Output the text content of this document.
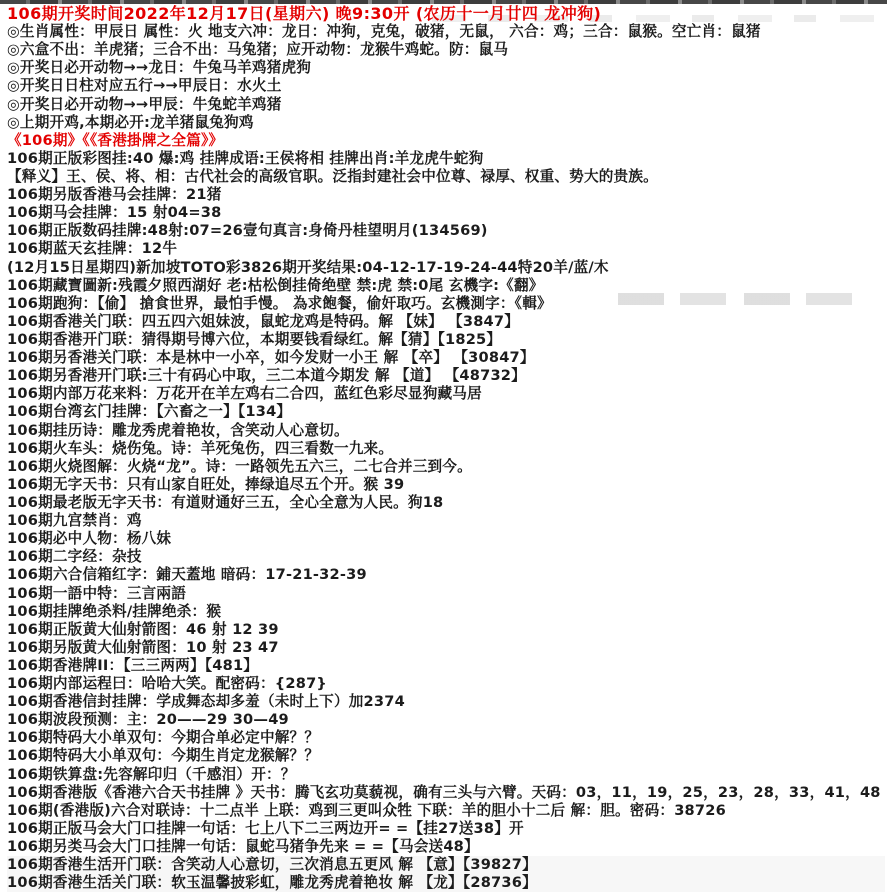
106期开奖时间2022年12月17日(星期六) 晚9:30开 (农历十一月廿四 龙冲狗)
◎生肖属性：甲辰日 属性：火 地支六冲：龙日：冲狗，克兔，破猪，无鼠， 六合：鸡；三合：鼠猴。空亡肖：鼠猪
◎六盒不出：羊虎猪；三合不出：马兔猪；应开动物：龙猴牛鸡蛇。防：鼠马
◎开奖日必开动物→→龙日：牛兔马羊鸡猪虎狗
◎开奖日日柱对应五行→→甲辰日：水火土
◎开奖日必开动物→→甲辰：牛兔蛇羊鸡猪
◎上期开鸡,本期必开:龙羊猪鼠兔狗鸡
《106期》《《香港掛牌之全篇》》
106期正版彩图挂:40 爆:鸡 挂牌成语:王侯将相 挂牌出肖:羊龙虎牛蛇狗
【释义】王、侯、将、相：古代社会的高级官职。泛指封建社会中位尊、禄厚、权重、势大的贵族。
106期另版香港马会挂牌：21猪
106期马会挂牌：15 射04=38
106期正版数码挂牌:48射:07=26壹句真言:身倚丹桂望明月(134569)
106期蓝天玄挂牌：12牛
(12月15日星期四)新加坡TOTO彩3826期开奖结果:04-12-17-19-24-44特20羊/蓝/木
106期藏寶圖新:残霞夕照西湖好 老:枯松倒挂倚绝壁 禁:虎 禁:0尾 玄機字:《翻》
106期跑狗：【偷】 搶食世界，最怕手慢。 為求飽餐，偷奸取巧。玄機測字：《輯》
106期香港关门联：四五四六姐妹波，鼠蛇龙鸡是特码。解 【妹】 【3847】
106期香港开门联：猜得期号博六位，本期要钱看绿红。解【猜】【1825】
106期另香港关门联：本是林中一小卒，如今发财一小王 解 【卒】 【30847】
106期另香港开门联:三十有码心中取，三二本道今期发 解 【道】 【48732】
106期内部万花来料：万花开在羊左鸡右二合四，蓝红色彩尽显狗藏马居
106期台湾玄门挂牌：【六畜之一】【134】
106期挂历诗：雕龙秀虎着艳妆，含笑动人心意切。
106期火车头：烧伤兔。诗：羊死兔伤，四三看数一九来。
106期火烧图解：火烧“龙”。诗：一路领先五六三，二七合并三到今。
106期无字天书：只有山家自旺处，捧绿追尽五个开。猴 39
106期最老版无字天书：有道财通好三五，全心全意为人民。狗18
106期九宫禁肖：鸡
106期必中人物：杨八妹
106期二字经：杂技
106期六合信箱红字：鋪天蓋地 暗码：17-21-32-39
106期一語中特：三言兩語
106期挂牌绝杀料/挂牌绝杀：猴
106期正版黄大仙射箭图：46 射 12 39
106期另版黄大仙射箭图：10 射 23 47
106期香港牌II：【三三两两】【481】
106期内部运程曰：哈哈大笑。配密码：{287}
106期香港信封挂牌：学成舞态却多羞（未时上下）加2374
106期波段预测：主：20——29 30—49
106期特码大小单双句：今期合单必定中解？？
106期特码大小单双句：今期生肖定龙猴解？？
106期铁算盘:先容解印归（千感泪）开：？
106期香港版《香港六合天书挂牌 》天书：腾飞玄功莫藐视，确有三头与六臂。天码：03，11，19，25，23，28，33，41，48
106期(香港版)六合对联诗：十二点半 上联：鸡到三更叫众牲 下联：羊的胆小十二后 解：胆。密码：38726
106期正版马会大门口挂牌一句话：七上八下二三两边开= =【挂27送38】开
106期另类马会大门口挂牌一句话：鼠蛇马猪争先来 = =【马会送48】
106期香港生活开门联：含笑动人心意切，三次消息五更风 解 【意】【39827】
106期香港生活关门联：软玉温馨披彩虹，雕龙秀虎着艳妆 解 【龙】【28736】
